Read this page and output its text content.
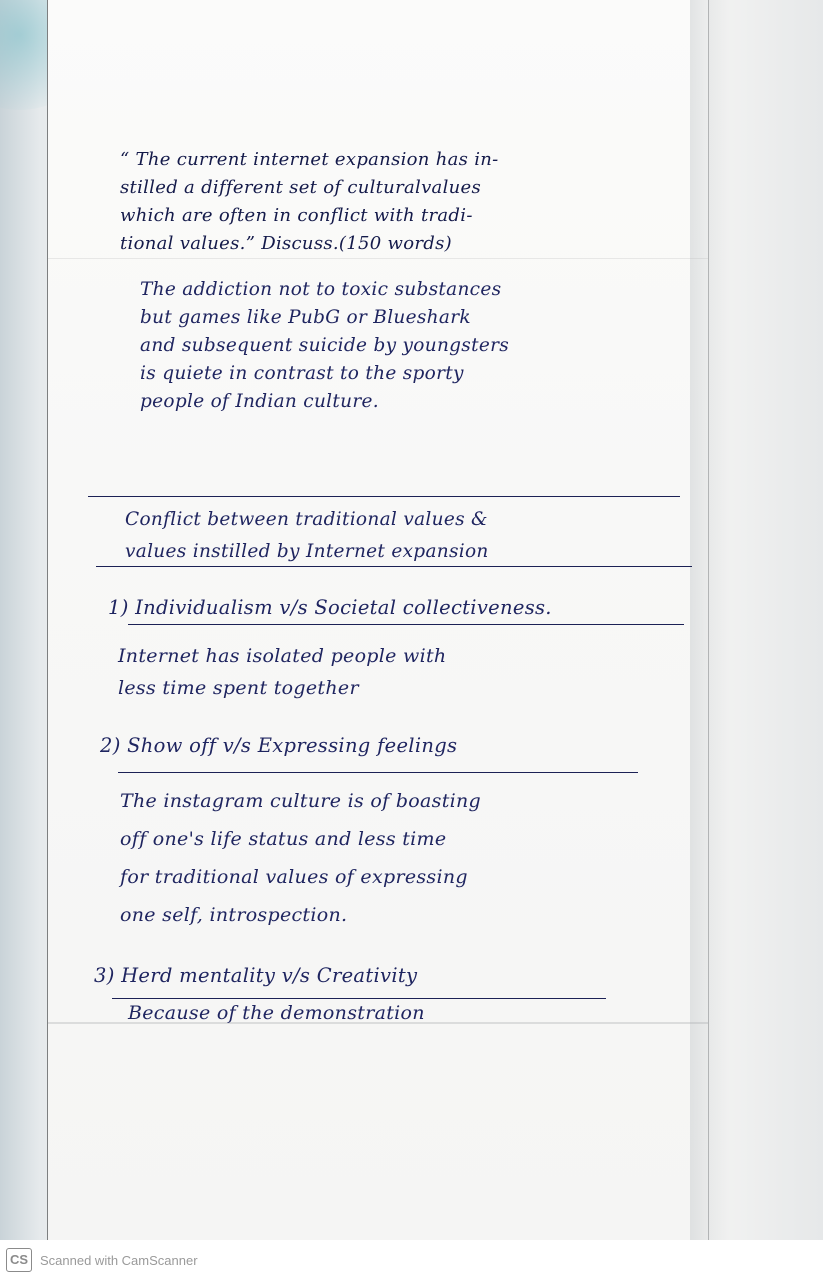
“ The current internet expansion has in-
stilled a different set of culturalvalues
which are often in conflict with tradi-
tional values.” Discuss.(150 words)
The addiction not to toxic substances
but games like PubG or Blueshark
and subsequent suicide by youngsters
is quiete in contrast to the sporty
people of Indian culture.
Conflict between traditional values &
values instilled by Internet expansion
1) Individualism v/s Societal collectiveness.
Internet has isolated people with
less time spent together
2) Show off v/s Expressing feelings
The instagram culture is of boasting
off one's life status and less time
for traditional values of expressing
one self, introspection.
3) Herd mentality v/s Creativity
Because of the demonstration
CS Scanned with CamScanner
